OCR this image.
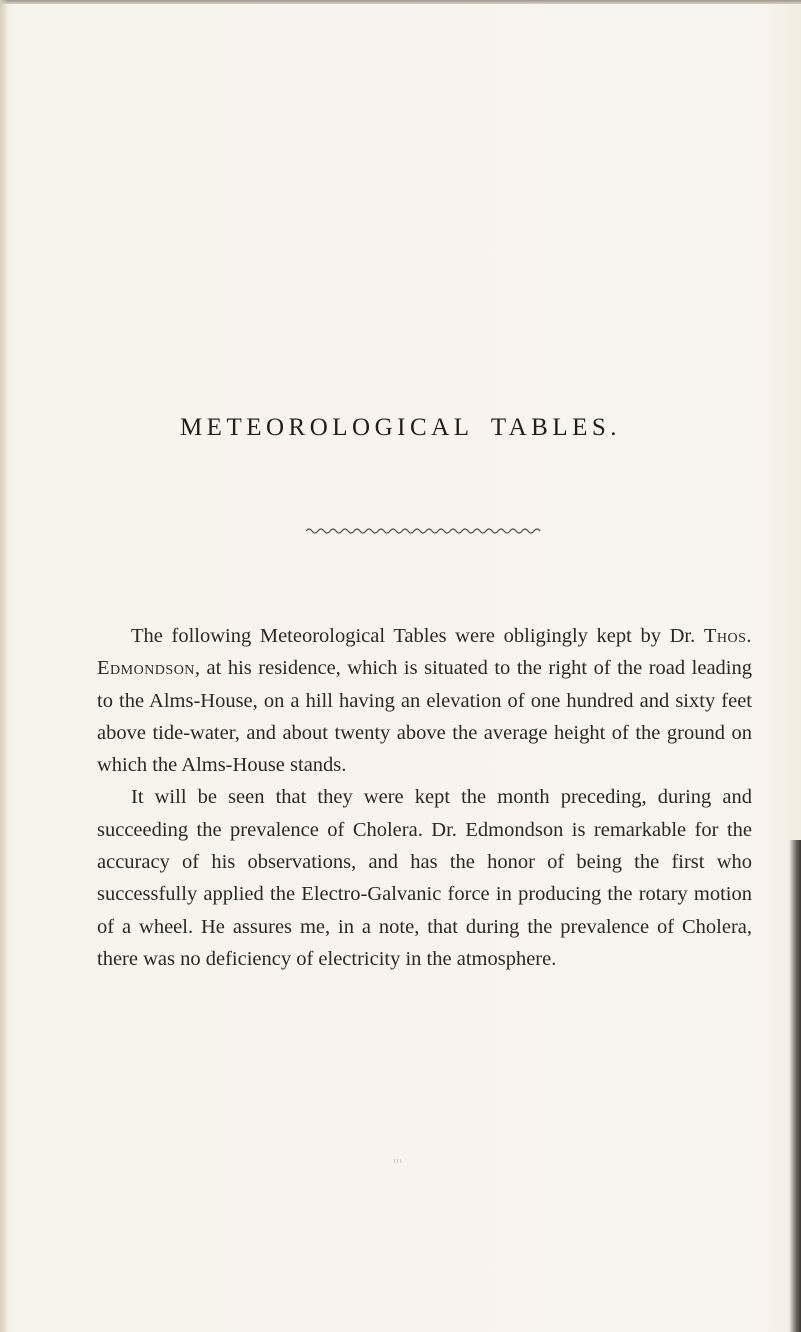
METEOROLOGICAL TABLES.

The following Meteorological Tables were obligingly kept by Dr. Thos. Edmondson, at his residence, which is situated to the right of the road leading to the Alms-House, on a hill having an elevation of one hundred and sixty feet above tide-water, and about twenty above the average height of the ground on which the Alms-House stands.

It will be seen that they were kept the month preceding, during and succeeding the prevalence of Cholera. Dr. Edmondson is remarkable for the accuracy of his observations, and has the honor of being the first who successfully applied the Electro-Galvanic force in producing the rotary motion of a wheel. He assures me, in a note, that during the prevalence of Cholera, there was no deficiency of electricity in the atmosphere.
